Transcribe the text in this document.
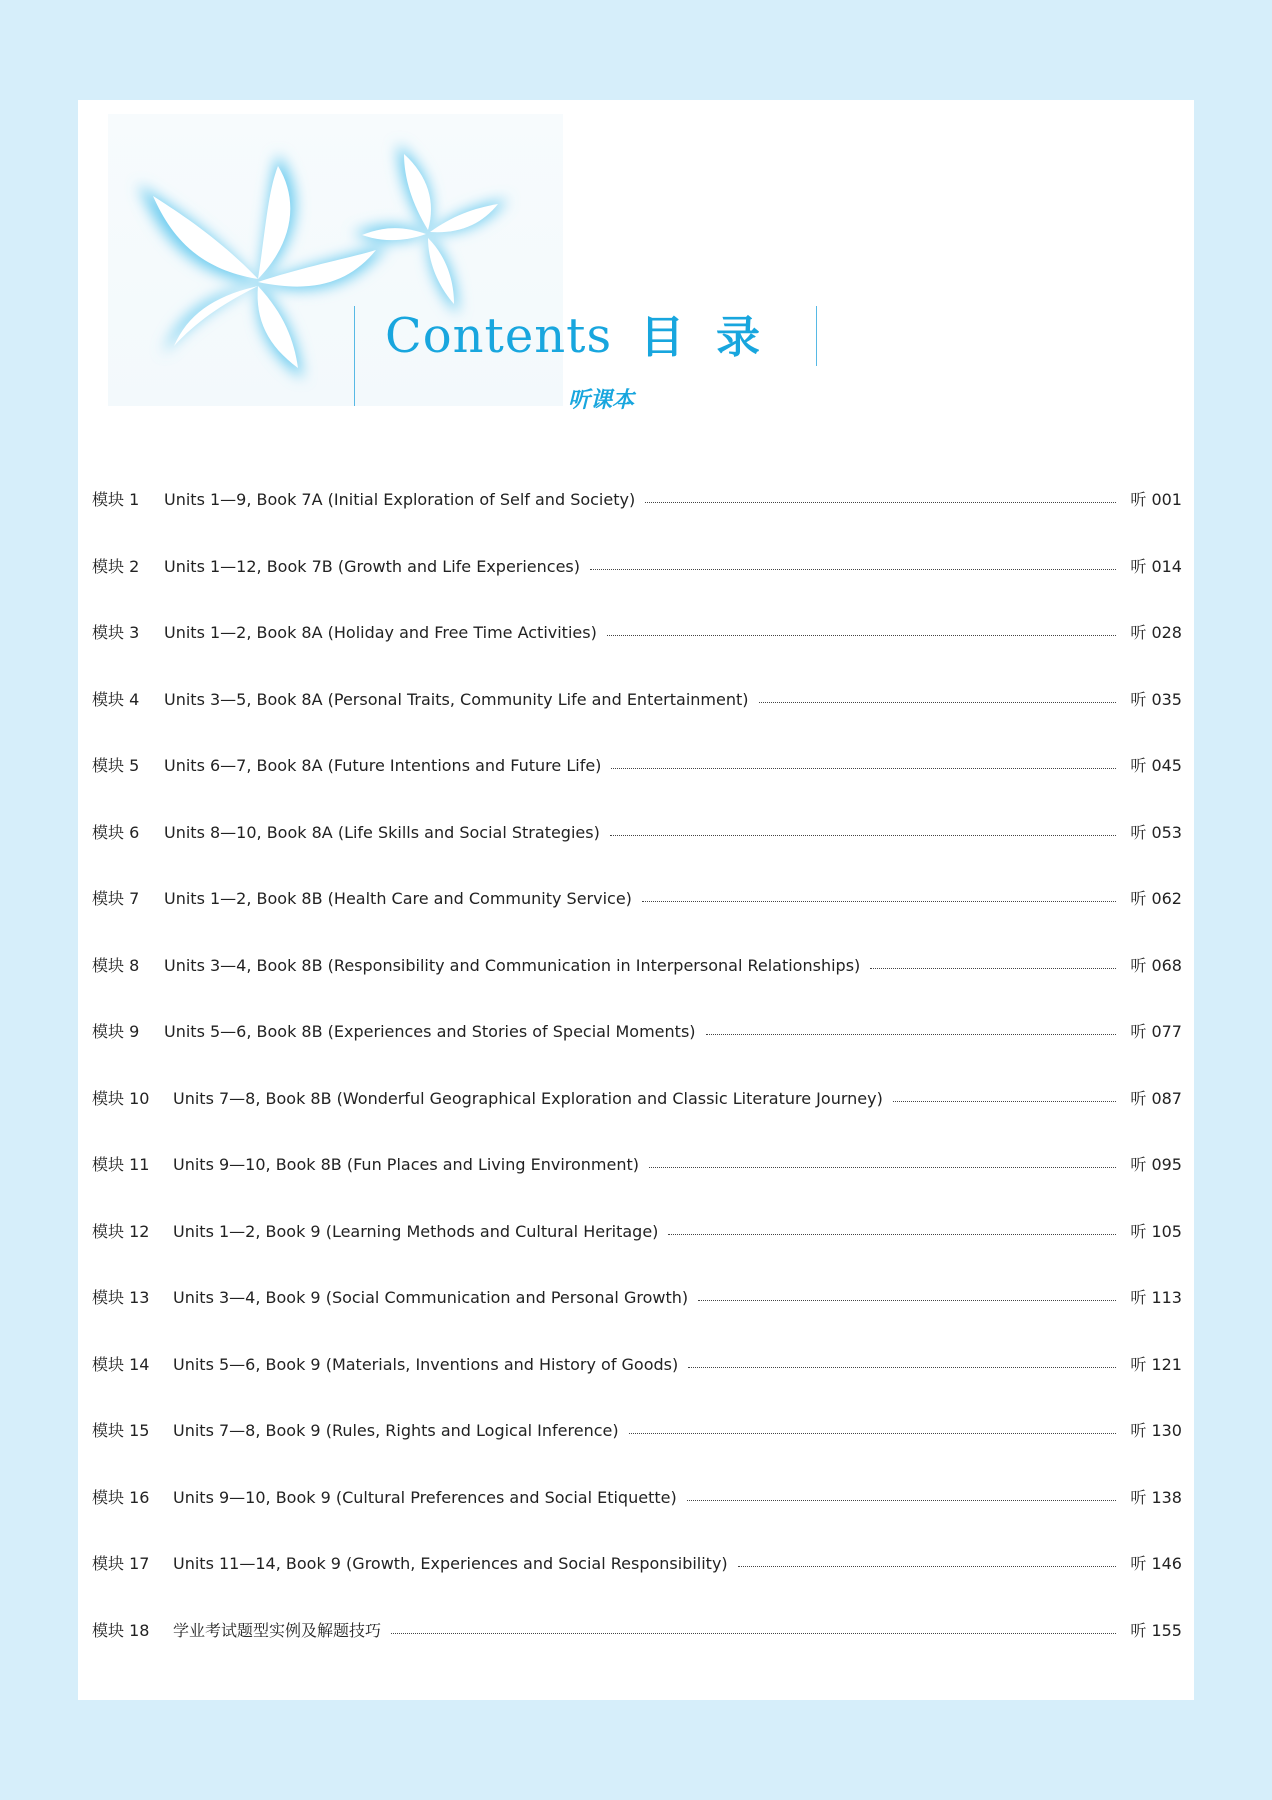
Contents 目录
听课本
模块 1	Units 1—9, Book 7A (Initial Exploration of Self and Society)	听 001
模块 2	Units 1—12, Book 7B (Growth and Life Experiences)	听 014
模块 3	Units 1—2, Book 8A (Holiday and Free Time Activities)	听 028
模块 4	Units 3—5, Book 8A (Personal Traits, Community Life and Entertainment)	听 035
模块 5	Units 6—7, Book 8A (Future Intentions and Future Life)	听 045
模块 6	Units 8—10, Book 8A (Life Skills and Social Strategies)	听 053
模块 7	Units 1—2, Book 8B (Health Care and Community Service)	听 062
模块 8	Units 3—4, Book 8B (Responsibility and Communication in Interpersonal Relationships)	听 068
模块 9	Units 5—6, Book 8B (Experiences and Stories of Special Moments)	听 077
模块 10	Units 7—8, Book 8B (Wonderful Geographical Exploration and Classic Literature Journey)	听 087
模块 11	Units 9—10, Book 8B (Fun Places and Living Environment)	听 095
模块 12	Units 1—2, Book 9 (Learning Methods and Cultural Heritage)	听 105
模块 13	Units 3—4, Book 9 (Social Communication and Personal Growth)	听 113
模块 14	Units 5—6, Book 9 (Materials, Inventions and History of Goods)	听 121
模块 15	Units 7—8, Book 9 (Rules, Rights and Logical Inference)	听 130
模块 16	Units 9—10, Book 9 (Cultural Preferences and Social Etiquette)	听 138
模块 17	Units 11—14, Book 9 (Growth, Experiences and Social Responsibility)	听 146
模块 18	学业考试题型实例及解题技巧	听 155
